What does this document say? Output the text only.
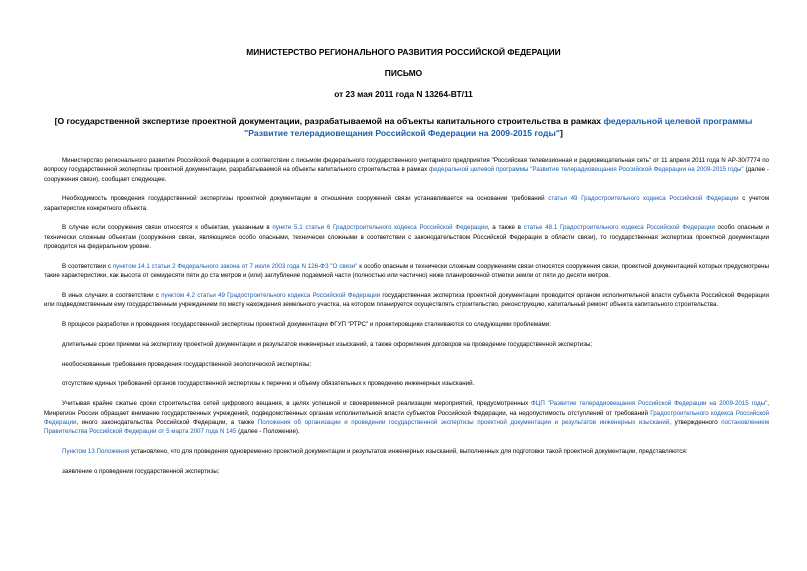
МИНИСТЕРСТВО РЕГИОНАЛЬНОГО РАЗВИТИЯ РОССИЙСКОЙ ФЕДЕРАЦИИ
ПИСЬМО
от 23 мая 2011 года N 13264-ВТ/11
[О государственной экспертизе проектной документации, разрабатываемой на объекты капитального строительства в рамках федеральной целевой программы "Развитие телерадиовещания Российской Федерации на 2009-2015 годы"]

Министерство регионального развития Российской Федерации в соответствии с письмом федерального государственного унитарного предприятия "Российская телевизионная и радиовещательная сеть" от 11 апреля 2011 года N АР-30/7774 по вопросу государственной экспертизы проектной документации, разрабатываемой на объекты капитального строительства в рамках федеральной целевой программы "Развитие телерадиовещания Российской Федерации на 2009-2015 годы" (далее - сооружения связи), сообщает следующее.

Необходимость проведения государственной экспертизы проектной документации в отношении сооружений связи устанавливается на основании требований статьи 49 Градостроительного кодекса Российской Федерации с учетом характеристик конкретного объекта.

В случае если сооружения связи относятся к объектам, указанным в пункте 5.1 статьи 6 Градостроительного кодекса Российской Федерации, а также в статье 48.1 Градостроительного кодекса Российской Федерации особо опасным и технически сложным объектам (сооружения связи, являющиеся особо опасными, технически сложными в соответствии с законодательством Российской Федерации в области связи), то государственная экспертиза проектной документации проводится на федеральном уровне.

В соответствии с пунктом 14.1 статьи 2 Федерального закона от 7 июля 2003 года N 126-ФЗ "О связи" к особо опасным и технически сложным сооружениям связи относятся сооружения связи, проектной документацией которых предусмотрены такие характеристики, как высота от семидесяти пяти до ста метров и (или) заглубление подземной части (полностью или частично) ниже планировочной отметки земли от пяти до десяти метров.

В иных случаях в соответствии с пунктом 4.2 статьи 49 Градостроительного кодекса Российской Федерации государственная экспертиза проектной документации проводится органом исполнительной власти субъекта Российской Федерации или подведомственным ему государственным учреждением по месту нахождения земельного участка, на котором планируется осуществлять строительство, реконструкцию, капитальный ремонт объекта капитального строительства.

В процессе разработки и проведения государственной экспертизы проектной документации ФГУП "РТРС" и проектировщики сталкиваются со следующими проблемами:

длительные сроки приемки на экспертизу проектной документации и результатов инженерных изысканий, а также оформления договоров на проведение государственной экспертизы;

необоснованные требования проведения государственной экологической экспертизы;

отсутствие единых требований органов государственной экспертизы к перечню и объему обязательных к проведению инженерных изысканий.

Учитывая крайне сжатые сроки строительства сетей цифрового вещания, в целях успешной и своевременной реализации мероприятий, предусмотренных ФЦП "Развитие телерадиовещания Российской Федерации на 2009-2015 годы", Минрегион России обращает внимание государственных учреждений, подведомственных органам исполнительной власти субъектов Российской Федерации, на недопустимость отступлений от требований Градостроительного кодекса Российской Федерации, иного законодательства Российской Федерации, а также Положения об организации и проведении государственной экспертизы проектной документации и результатов инженерных изысканий, утвержденного постановлением Правительства Российской Федерации от 5 марта 2007 года N 145 (далее - Положение).

Пунктом 13 Положения установлено, что для проведения одновременно проектной документации и результатов инженерных изысканий, выполненных для подготовки такой проектной документации, представляются:

заявление о проведении государственной экспертизы;
